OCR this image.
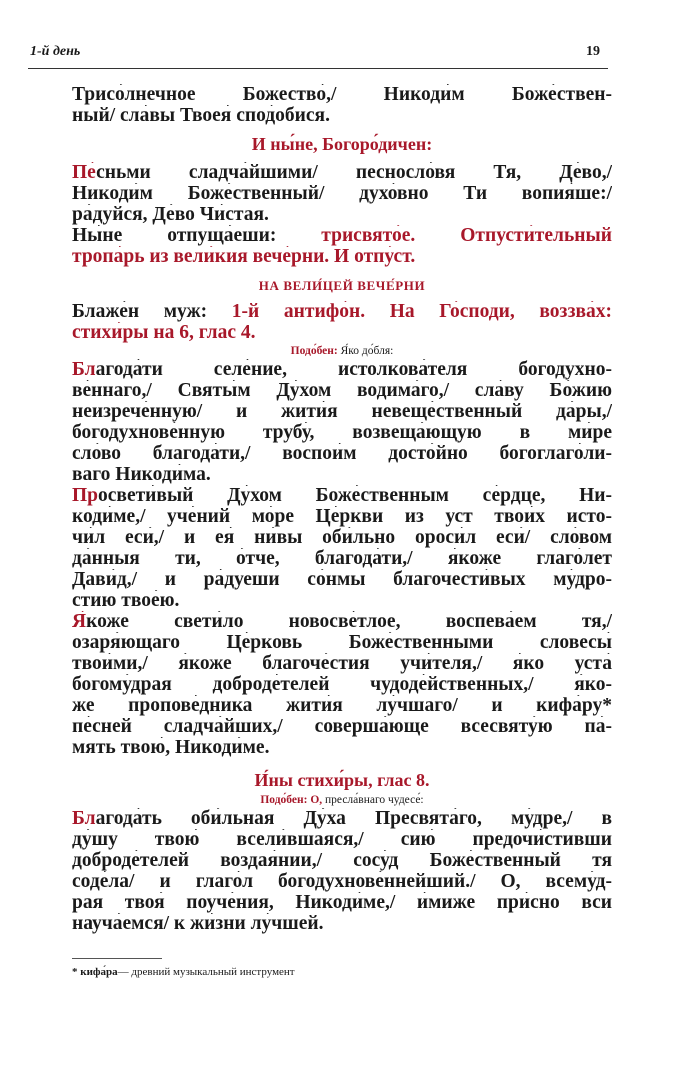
1-й день	19
Трисо́лнечное Божество́,/ Никоди́м Боже́ствен-
ный/ сла́вы Твоея́ спод́обися.
И ны́не, Богоро́дичен:
Пе́сньми сладча́йшими/ песносло́вя Тя, Де́во,/
Никоди́м Боже́ственный/ духо́вно Ти вопия́ше:/
ра́дуйся, Де́во Чи́стая.
Ны́не отпуща́еши: трисвято́е. Отпусти́тельный
тропа́рь из вели́кия вече́рни. И отпу́ст.
НА ВЕЛИ́ЦЕЙ ВЕЧЕ́РНИ
Блаже́н муж: 1-й антифо́н. На Го́споди, воззва́х:
стихи́ры на 6, глас 4.
Подо́бен: Я́ко до́бля:
Благода́ти селе́ние, истолкова́теля богодухно-
ве́ннаго,/ Святы́м Ду́хом водима́го,/ сла́ву Бо́жию
неизрече́нную/ и жити́я невеще́ственный да́ры,/
богодухнове́нную трубу́, возвеща́ющую в ми́ре
сло́во благода́ти,/ воспои́м досто́йно богоглаго́ли-
ваго Никоди́ма.
Просвети́вый Ду́хом Боже́ственным се́рдце, Ни-
коди́ме,/ уче́ний мо́ре Це́ркви из уст твои́х исто-
чи́л еси́,/ и ея́ ни́вы оби́льно ороси́л еси́/ сло́вом
да́нныя ти, о́тче, благода́ти,/ я́коже глаго́лет
Дави́д,/ и ра́дуеши со́нмы благочести́вых му́дро-
стию твое́ю.
Я́коже свети́ло новосве́тлое, воспева́ем тя,/
озаря́ющаго Це́рковь Боже́ственными словесы́
твои́ми,/ я́коже благоче́стия учи́теля,/ я́ко уста́
богому́драя доброде́телей чудоде́йственных,/ я́ко-
же пропове́дника жити́я лу́чшаго/ и кифа́ру*
пе́сней сладча́йших,/ соверша́юще всесвяту́ю па́-
мять твою́, Никоди́ме.
И́ны стихи́ры, глас 8.
Подо́бен: О, пресла́внаго чудесе́:
Благода́ть оби́льная Ду́ха Пресвята́го, му́дре,/ в
ду́шу твою́ всели́вшаяся,/ сию́ предочи́стивши
доброде́телей воздая́нии,/ сосу́д Боже́ственный тя
соде́ла/ и глаго́л богодухнове́ннейший./ О, всему́д-
рая твоя́ поуче́ния, Никоди́ме,/ и́миже при́сно вси
науча́емся/ к жи́зни лу́чшей.
* кифа́ра— древний музыкальный инструмент
